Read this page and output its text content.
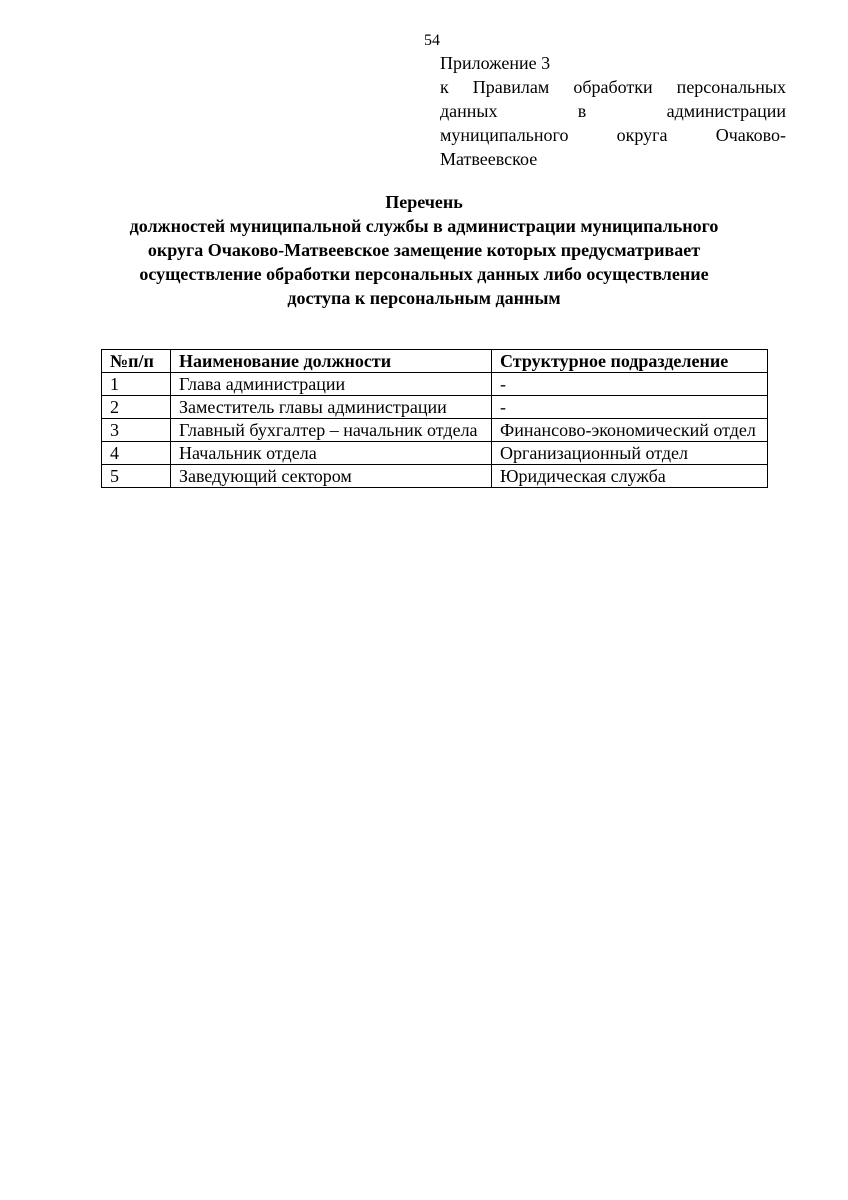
54
Приложение 3
к Правилам обработки персональных
данных в администрации
муниципального округа Очаково-
Матвеевское
Перечень
должностей муниципальной службы в администрации муниципального
округа Очаково-Матвеевское замещение которых предусматривает
осуществление обработки персональных данных либо осуществление
доступа к персональным данным
№п/п	Наименование должности	Структурное подразделение
1	Глава администрации	-
2	Заместитель главы администрации	-
3	Главный бухгалтер – начальник отдела	Финансово-экономический отдел
4	Начальник отдела	Организационный отдел
5	Заведующий сектором	Юридическая служба
